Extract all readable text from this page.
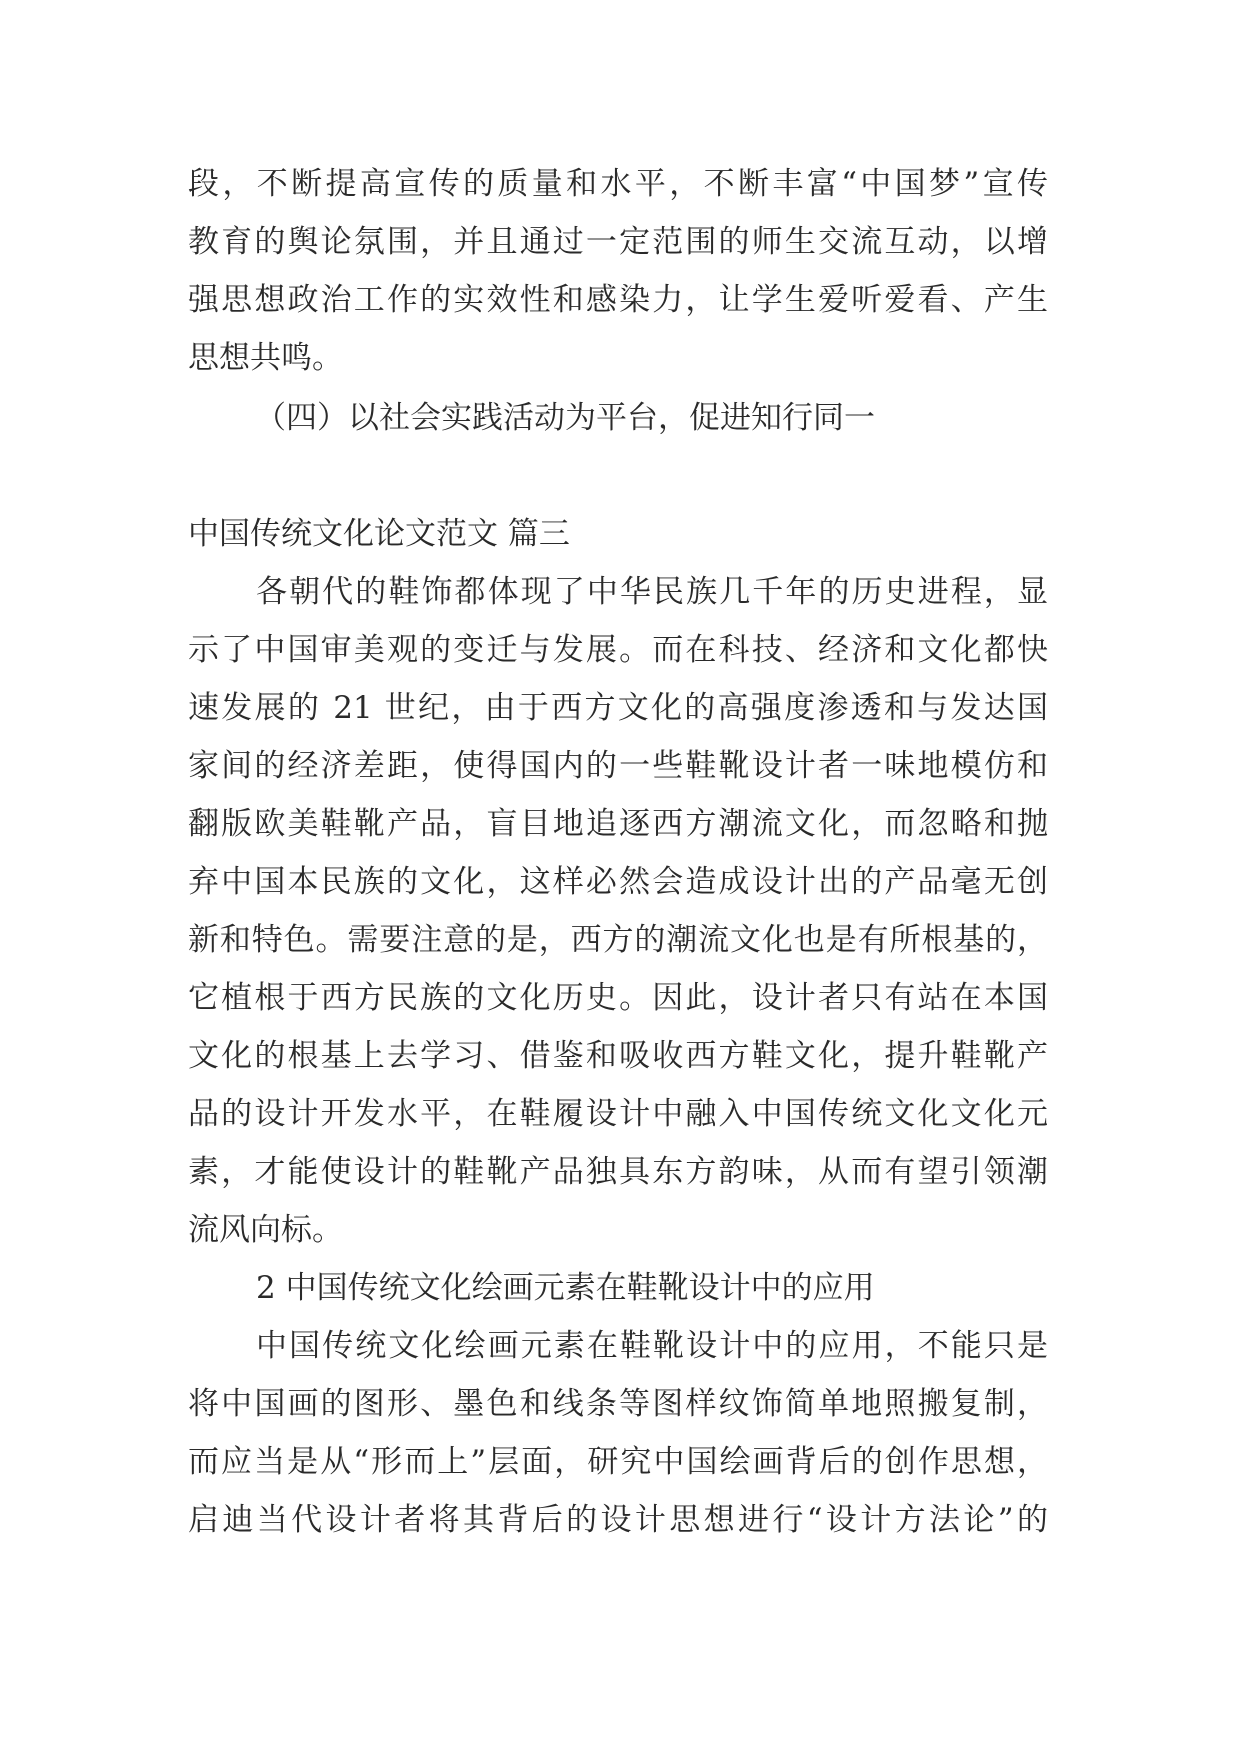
段，不断提高宣传的质量和水平，不断丰富“中国梦”宣传
教育的舆论氛围，并且通过一定范围的师生交流互动，以增
强思想政治工作的实效性和感染力，让学生爱听爱看、产生
思想共鸣。
（四）以社会实践活动为平台，促进知行同一
中国传统文化论文范文 篇三
各朝代的鞋饰都体现了中华民族几千年的历史进程，显
示了中国审美观的变迁与发展。而在科技、经济和文化都快
速发展的 21 世纪，由于西方文化的高强度渗透和与发达国
家间的经济差距，使得国内的一些鞋靴设计者一味地模仿和
翻版欧美鞋靴产品，盲目地追逐西方潮流文化，而忽略和抛
弃中国本民族的文化，这样必然会造成设计出的产品毫无创
新和特色。需要注意的是，西方的潮流文化也是有所根基的，
它植根于西方民族的文化历史。因此，设计者只有站在本国
文化的根基上去学习、借鉴和吸收西方鞋文化，提升鞋靴产
品的设计开发水平，在鞋履设计中融入中国传统文化文化元
素，才能使设计的鞋靴产品独具东方韵味，从而有望引领潮
流风向标。
2 中国传统文化绘画元素在鞋靴设计中的应用
中国传统文化绘画元素在鞋靴设计中的应用，不能只是
将中国画的图形、墨色和线条等图样纹饰简单地照搬复制，
而应当是从“形而上”层面，研究中国绘画背后的创作思想，
启迪当代设计者将其背后的设计思想进行“设计方法论”的
